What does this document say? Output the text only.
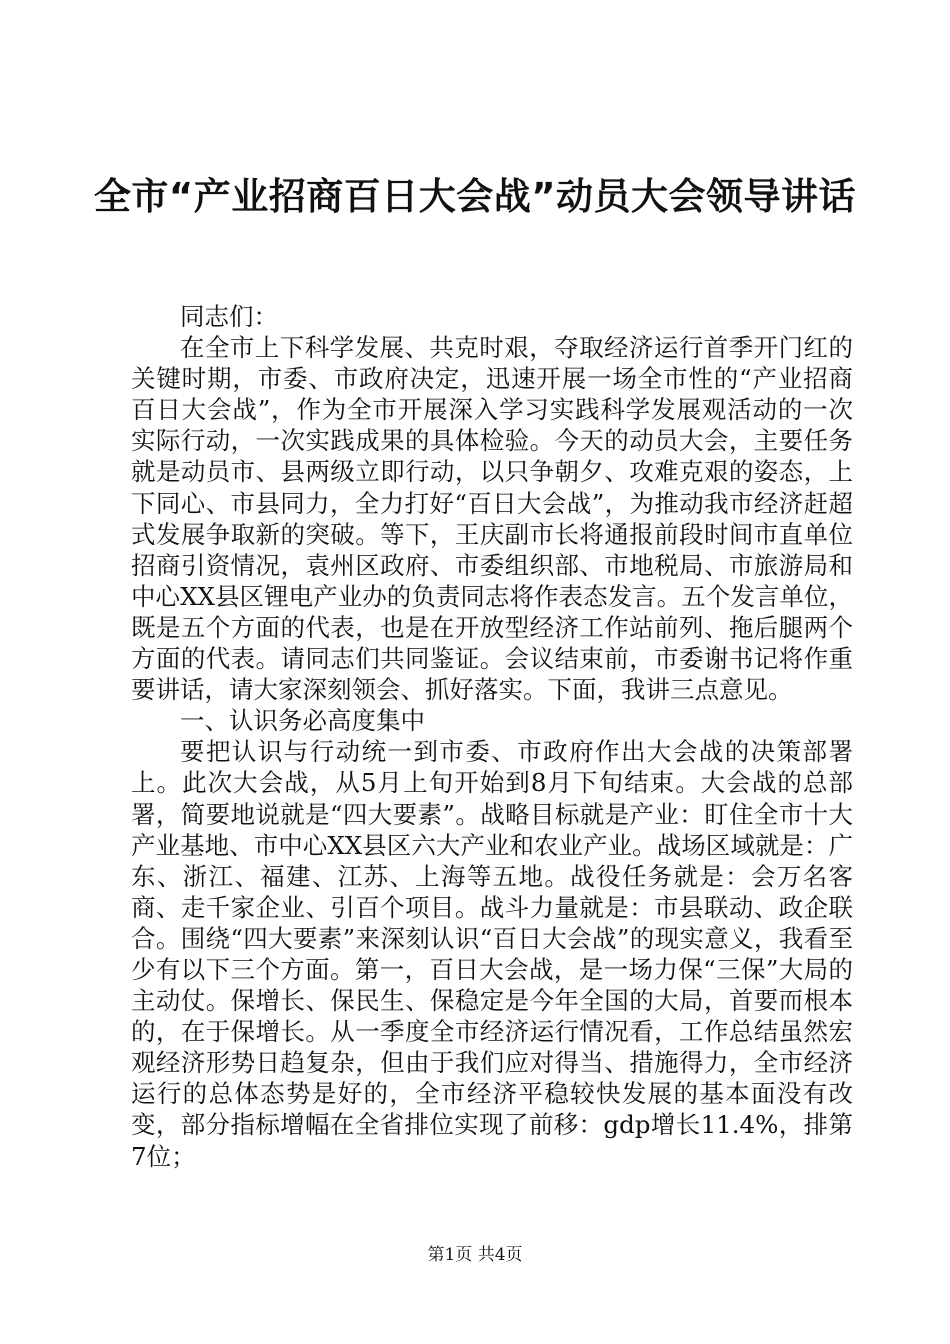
全市“产业招商百日大会战”动员大会领导讲话

同志们：

在全市上下科学发展、共克时艰，夺取经济运行首季开门红的关键时期，市委、市政府决定，迅速开展一场全市性的“产业招商百日大会战”，作为全市开展深入学习实践科学发展观活动的一次实际行动，一次实践成果的具体检验。今天的动员大会，主要任务就是动员市、县两级立即行动，以只争朝夕、攻难克艰的姿态，上下同心、市县同力，全力打好“百日大会战”，为推动我市经济赶超式发展争取新的突破。等下，王庆副市长将通报前段时间市直单位招商引资情况，袁州区政府、市委组织部、市地税局、市旅游局和中心XX县区锂电产业办的负责同志将作表态发言。五个发言单位，既是五个方面的代表，也是在开放型经济工作站前列、拖后腿两个方面的代表。请同志们共同鉴证。会议结束前，市委谢书记将作重要讲话，请大家深刻领会、抓好落实。下面，我讲三点意见。

一、认识务必高度集中

要把认识与行动统一到市委、市政府作出大会战的决策部署上。此次大会战，从5月上旬开始到8月下旬结束。大会战的总部署，简要地说就是“四大要素”。战略目标就是产业：盯住全市十大产业基地、市中心XX县区六大产业和农业产业。战场区域就是：广东、浙江、福建、江苏、上海等五地。战役任务就是：会万名客商、走千家企业、引百个项目。战斗力量就是：市县联动、政企联合。围绕“四大要素”来深刻认识“百日大会战”的现实意义，我看至少有以下三个方面。第一，百日大会战，是一场力保“三保”大局的主动仗。保增长、保民生、保稳定是今年全国的大局，首要而根本的，在于保增长。从一季度全市经济运行情况看，工作总结虽然宏观经济形势日趋复杂，但由于我们应对得当、措施得力，全市经济运行的总体态势是好的，全市经济平稳较快发展的基本面没有改变，部分指标增幅在全省排位实现了前移：gdp增长11.4%，排第7位；

第1页 共4页
